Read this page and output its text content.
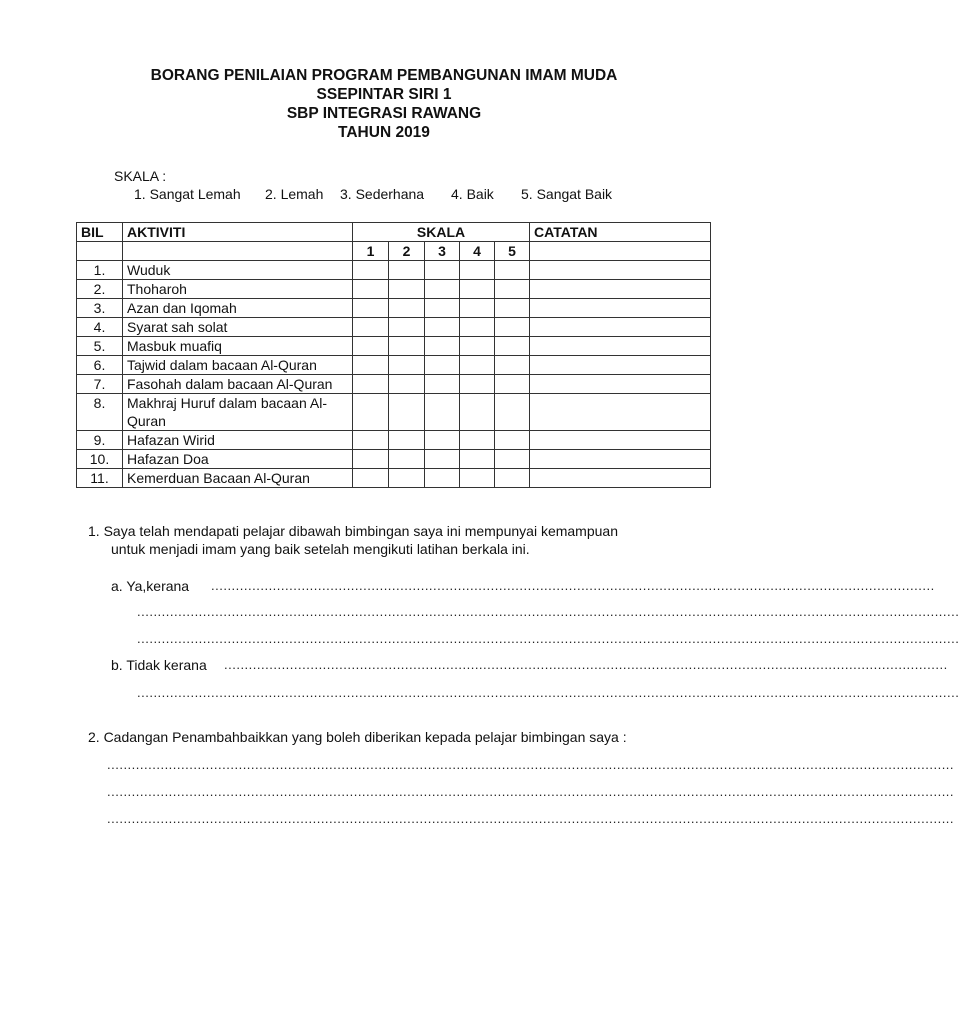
BORANG PENILAIAN PROGRAM PEMBANGUNAN IMAM MUDA
SSEPINTAR SIRI 1
SBP INTEGRASI RAWANG
TAHUN 2019
SKALA :
1. Sangat Lemah 2. Lemah 3. Sederhana 4. Baik 5. Sangat Baik
BIL	AKTIVITI	SKALA					CATATAN
		1	2	3	4	5	
1.	Wuduk						
2.	Thoharoh						
3.	Azan dan Iqomah						
4.	Syarat sah solat						
5.	Masbuk muafiq						
6.	Tajwid dalam bacaan Al-Quran						
7.	Fasohah dalam bacaan Al-Quran						
8.	Makhraj Huruf dalam bacaan Al-Quran						
9.	Hafazan Wirid						
10.	Hafazan Doa						
11.	Kemerduan Bacaan Al-Quran						
1. Saya telah mendapati pelajar dibawah bimbingan saya ini mempunyai kemampuan
untuk menjadi imam yang baik setelah mengikuti latihan berkala ini.
a. Ya,kerana ................................................................................................................................................................................
........................................................................................................................................................................................................
........................................................................................................................................................................................................
b. Tidak kerana ................................................................................................................................................................................
........................................................................................................................................................................................................
2. Cadangan Penambahbaikkan yang boleh diberikan kepada pelajar bimbingan saya :
..............................................................................................................................................................................................................
..............................................................................................................................................................................................................
..............................................................................................................................................................................................................
